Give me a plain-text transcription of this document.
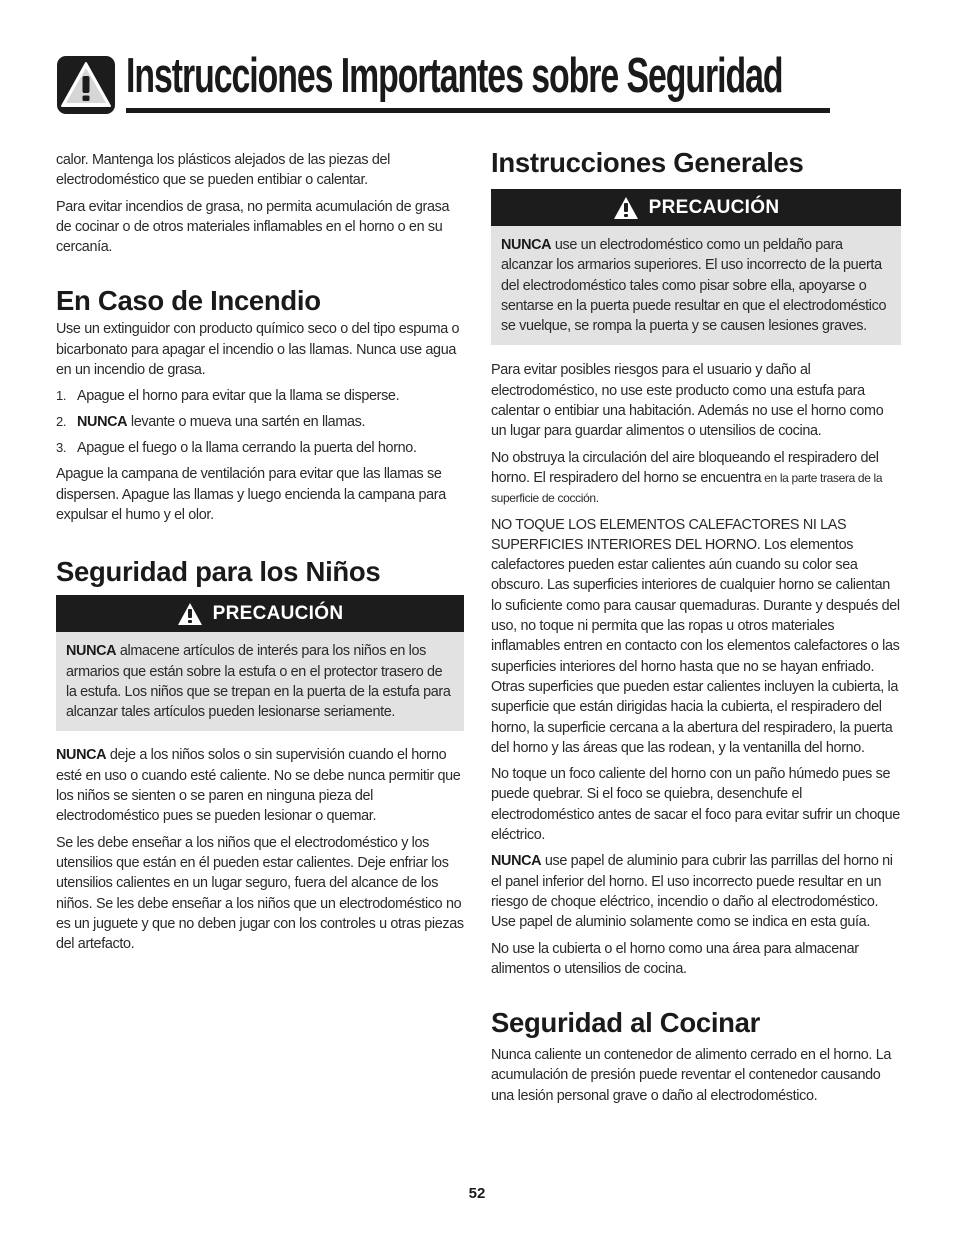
Instrucciones Importantes sobre Seguridad

calor. Mantenga los plásticos alejados de las piezas del electrodoméstico que se pueden entibiar o calentar.

Para evitar incendios de grasa, no permita acumulación de grasa de cocinar o de otros materiales inflamables en el horno o en su cercanía.

En Caso de Incendio

Use un extinguidor con producto químico seco o del tipo espuma o bicarbonato para apagar el incendio o las llamas. Nunca use agua en un incendio de grasa.

1. Apague el horno para evitar que la llama se disperse.
2. NUNCA levante o mueva una sartén en llamas.
3. Apague el fuego o la llama cerrando la puerta del horno.

Apague la campana de ventilación para evitar que las llamas se dispersen. Apague las llamas y luego encienda la campana para expulsar el humo y el olor.

Seguridad para los Niños
PRECAUCIÓN

NUNCA almacene artículos de interés para los niños en los armarios que están sobre la estufa o en el protector trasero de la estufa. Los niños que se trepan en la puerta de la estufa para alcanzar tales artículos pueden lesionarse seriamente.

NUNCA deje a los niños solos o sin supervisión cuando el horno esté en uso o cuando esté caliente. No se debe nunca permitir que los niños se sienten o se paren en ninguna pieza del electrodoméstico pues se pueden lesionar o quemar.

Se les debe enseñar a los niños que el electrodoméstico y los utensilios que están en él pueden estar calientes. Deje enfriar los utensilios calientes en un lugar seguro, fuera del alcance de los niños. Se les debe enseñar a los niños que un electrodoméstico no es un juguete y que no deben jugar con los controles u otras piezas del artefacto.

Instrucciones Generales
PRECAUCIÓN

NUNCA use un electrodoméstico como un peldaño para alcanzar los armarios superiores. El uso incorrecto de la puerta del electrodoméstico tales como pisar sobre ella, apoyarse o sentarse en la puerta puede resultar en que el electrodoméstico se vuelque, se rompa la puerta y se causen lesiones graves.

Para evitar posibles riesgos para el usuario y daño al electrodoméstico, no use este producto como una estufa para calentar o entibiar una habitación. Además no use el horno como un lugar para guardar alimentos o utensilios de cocina.

No obstruya la circulación del aire bloqueando el respiradero del horno. El respiradero del horno se encuentra en la parte trasera de la superficie de cocción.

NO TOQUE LOS ELEMENTOS CALEFACTORES NI LAS SUPERFICIES INTERIORES DEL HORNO. Los elementos calefactores pueden estar calientes aún cuando su color sea obscuro. Las superficies interiores de cualquier horno se calientan lo suficiente como para causar quemaduras. Durante y después del uso, no toque ni permita que las ropas u otros materiales inflamables entren en contacto con los elementos calefactores o las superficies interiores del horno hasta que no se hayan enfriado. Otras superficies que pueden estar calientes incluyen la cubierta, la superficie que están dirigidas hacia la cubierta, el respiradero del horno, la superficie cercana a la abertura del respiradero, la puerta del horno y las áreas que las rodean, y la ventanilla del horno.

No toque un foco caliente del horno con un paño húmedo pues se puede quebrar. Si el foco se quiebra, desenchufe el electrodoméstico antes de sacar el foco para evitar sufrir un choque eléctrico.

NUNCA use papel de aluminio para cubrir las parrillas del horno ni el panel inferior del horno. El uso incorrecto puede resultar en un riesgo de choque eléctrico, incendio o daño al electrodoméstico. Use papel de aluminio solamente como se indica en esta guía.

No use la cubierta o el horno como una área para almacenar alimentos o utensilios de cocina.

Seguridad al Cocinar

Nunca caliente un contenedor de alimento cerrado en el horno. La acumulación de presión puede reventar el contenedor causando una lesión personal grave o daño al electrodoméstico.

52
